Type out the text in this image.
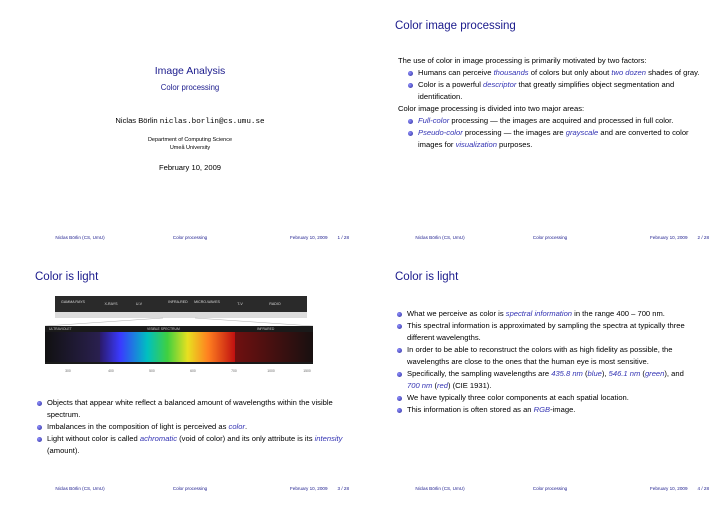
Image Analysis
Color processing
Niclas Börlin niclas.borlin@cs.umu.se
Department of Computing Science
Umeå University
February 10, 2009
Niclas Börlin (CS, UmU)	Color processing	February 10, 2009 1 / 28
Color image processing
The use of color in image processing is primarily motivated by two factors:
Humans can perceive thousands of colors but only about two dozen shades of gray.
Color is a powerful descriptor that greatly simplifies object segmentation and identification.
Color image processing is divided into two major areas:
Full-color processing — the images are acquired and processed in full color.
Pseudo-color processing — the images are grayscale and are converted to color images for visualization purposes.
Niclas Börlin (CS, UmU)	Color processing	February 10, 2009 2 / 28
Color is light
GAMMA RAYS	X-RAYS	U-V	INFRA-RED MICRO-WAVES	T-V	RADIO
ULTRAVIOLET	VISIBLE SPECTRUM	INFRARED
300	400	500	600	700	1000	1500
Objects that appear white reflect a balanced amount of wavelengths within the visible spectrum.
Imbalances in the composition of light is perceived as color.
Light without color is called achromatic (void of color) and its only attribute is its intensity (amount).
Niclas Börlin (CS, UmU)	Color processing	February 10, 2009 3 / 28
Color is light
What we perceive as color is spectral information in the range 400 – 700 nm.
This spectral information is approximated by sampling the spectra at typically three different wavelengths.
In order to be able to reconstruct the colors with as high fidelity as possible, the wavelengths are close to the ones that the human eye is most sensitive.
Specifically, the sampling wavelengths are 435.8 nm (blue), 546.1 nm (green), and 700 nm (red) (CIE 1931).
We have typically three color components at each spatial location.
This information is often stored as an RGB-image.
Niclas Börlin (CS, UmU)	Color processing	February 10, 2009 4 / 28
